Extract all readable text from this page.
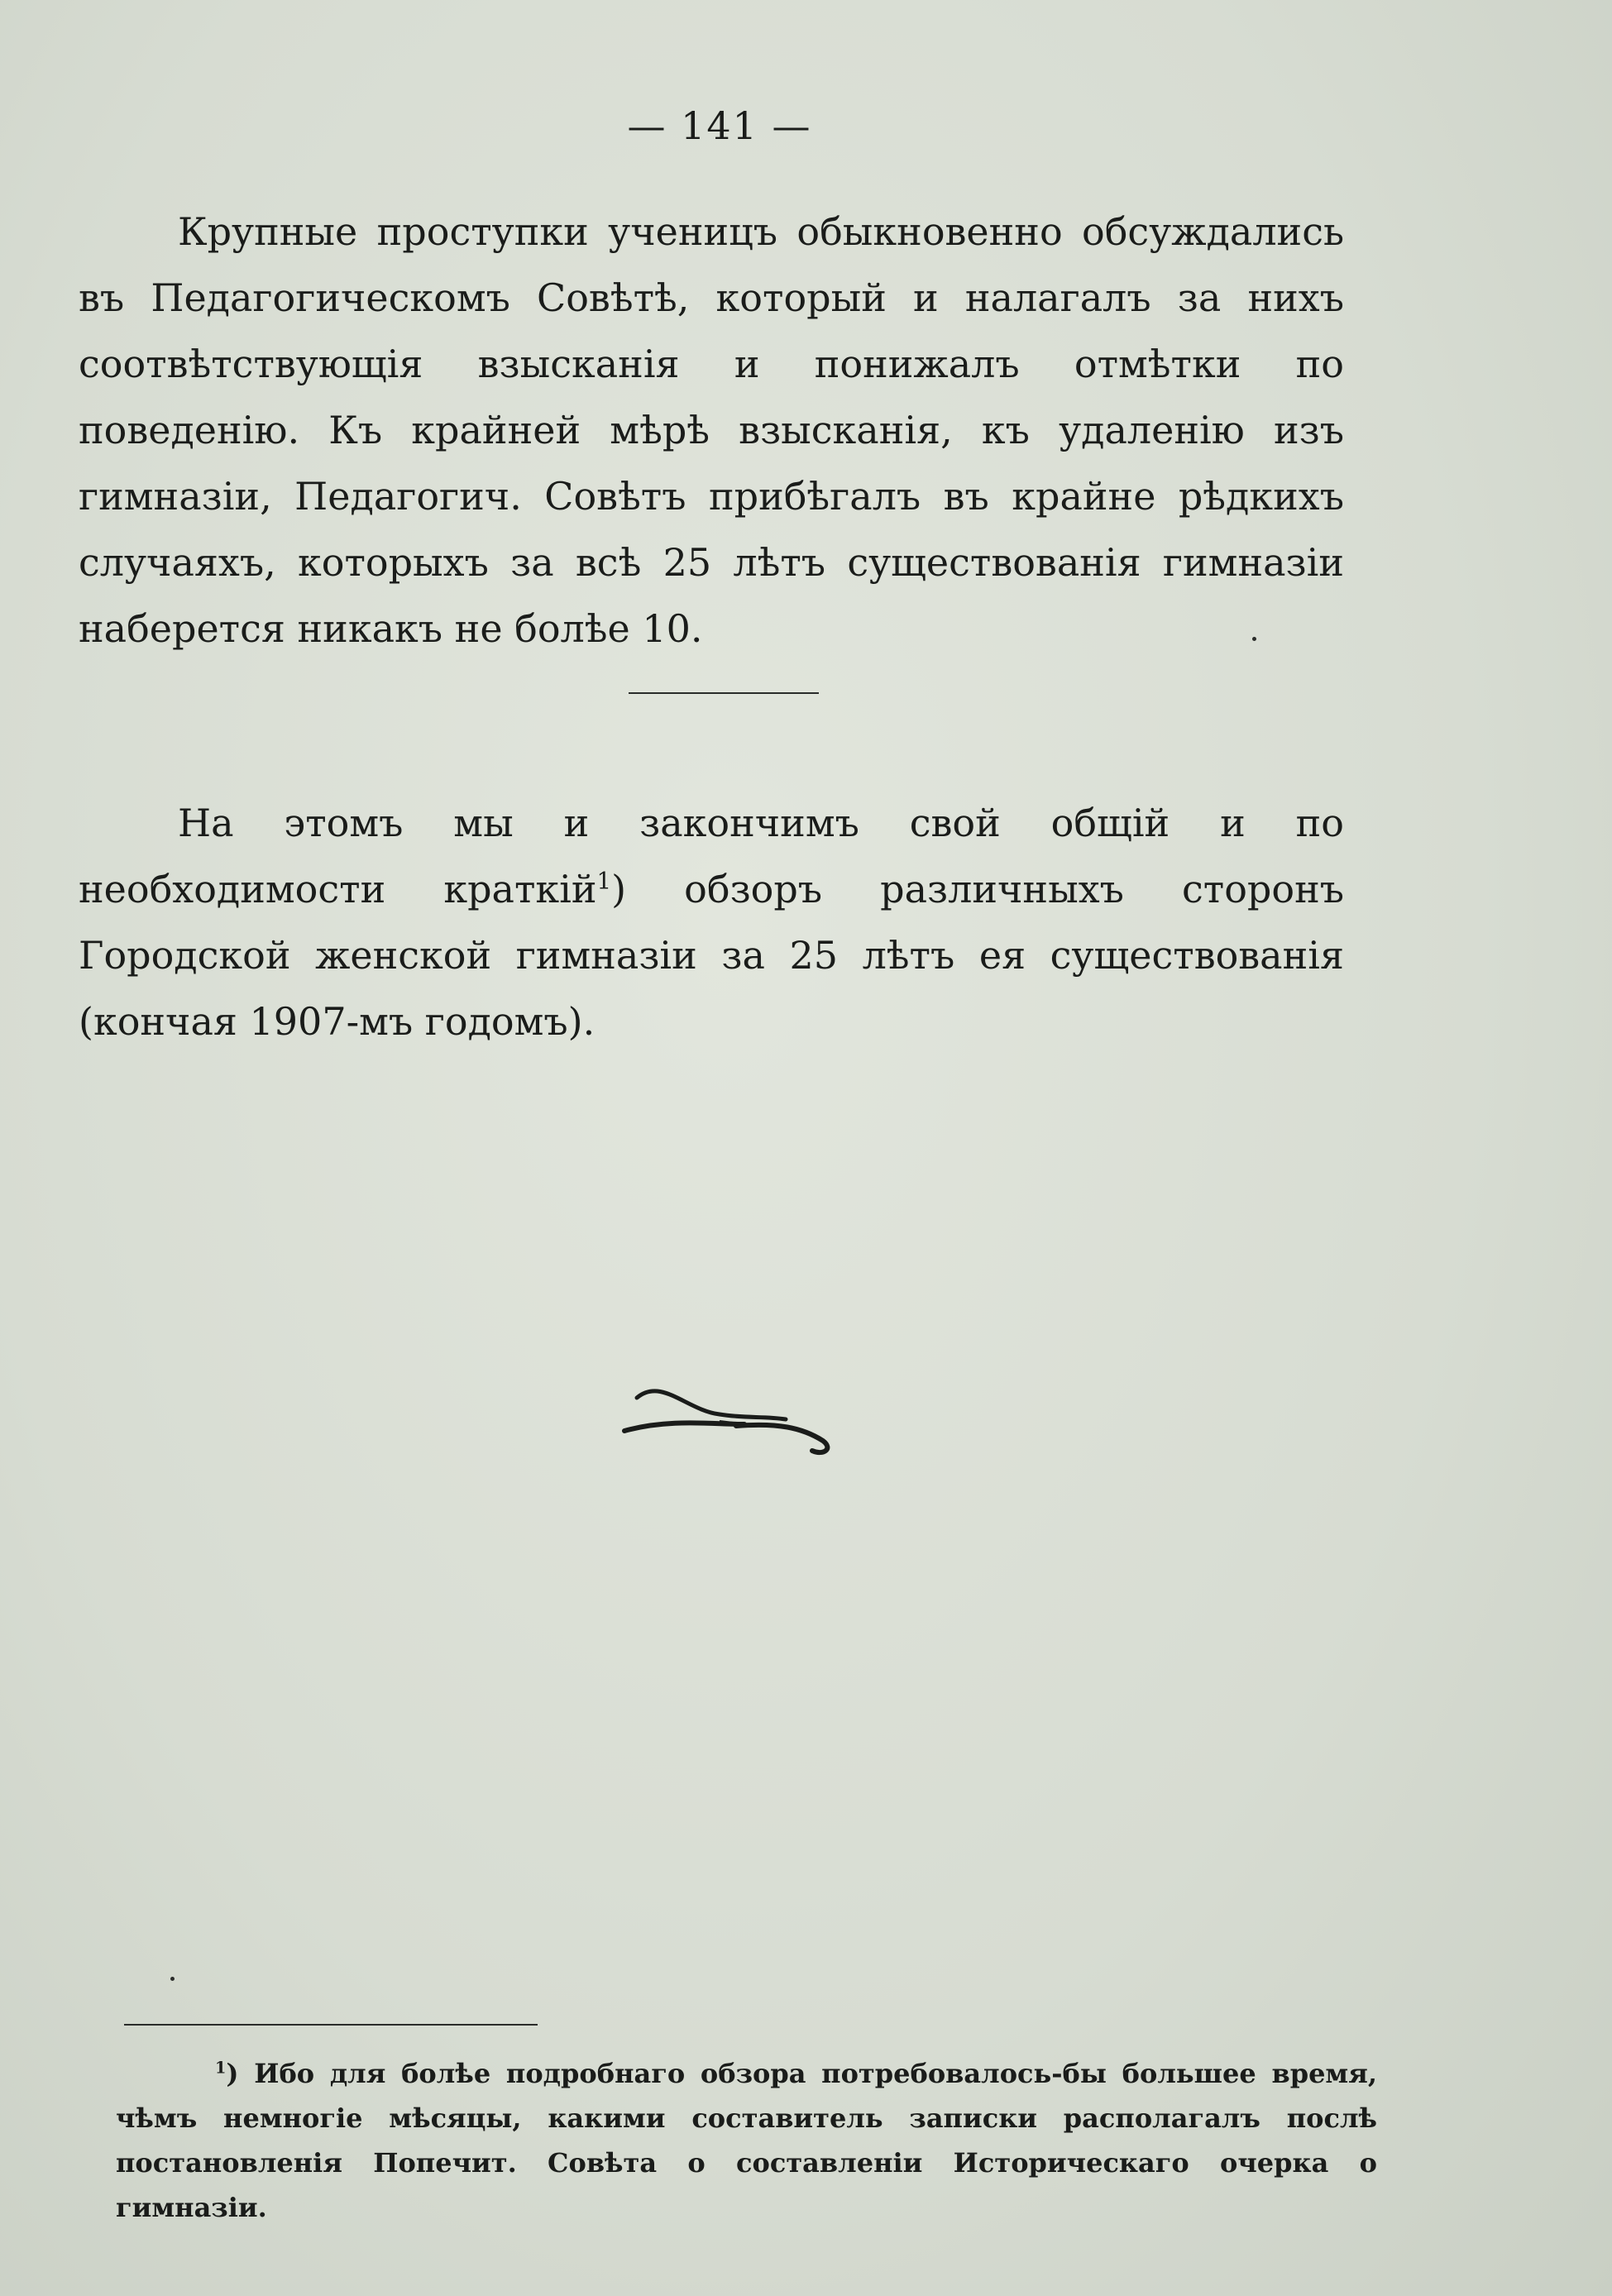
— 141 —
Крупные проступки ученицъ обыкновенно обсуждались въ Педагогическомъ Совѣтѣ, который и налагалъ за нихъ соотвѣтствующія взысканія и понижалъ отмѣтки по поведенію. Къ крайней мѣрѣ взысканія, къ удаленію изъ гимназіи, Педагогич. Совѣтъ прибѣгалъ въ крайне рѣдкихъ случаяхъ, которыхъ за всѣ 25 лѣтъ существованія гимназіи наберется никакъ не болѣе 10.
На этомъ мы и закончимъ свой общій и по необходимости краткій$^1$) обзоръ различныхъ сторонъ Городской женской гимназіи за 25 лѣтъ ея существованія (кончая 1907-мъ годомъ).
$^1$) Ибо для болѣе подробнаго обзора потребовалось-бы большее время, чѣмъ немногіе мѣсяцы, какими составитель записки располагалъ послѣ постановленія Попечит. Совѣта о составленіи Историческаго очерка о гимназіи.
